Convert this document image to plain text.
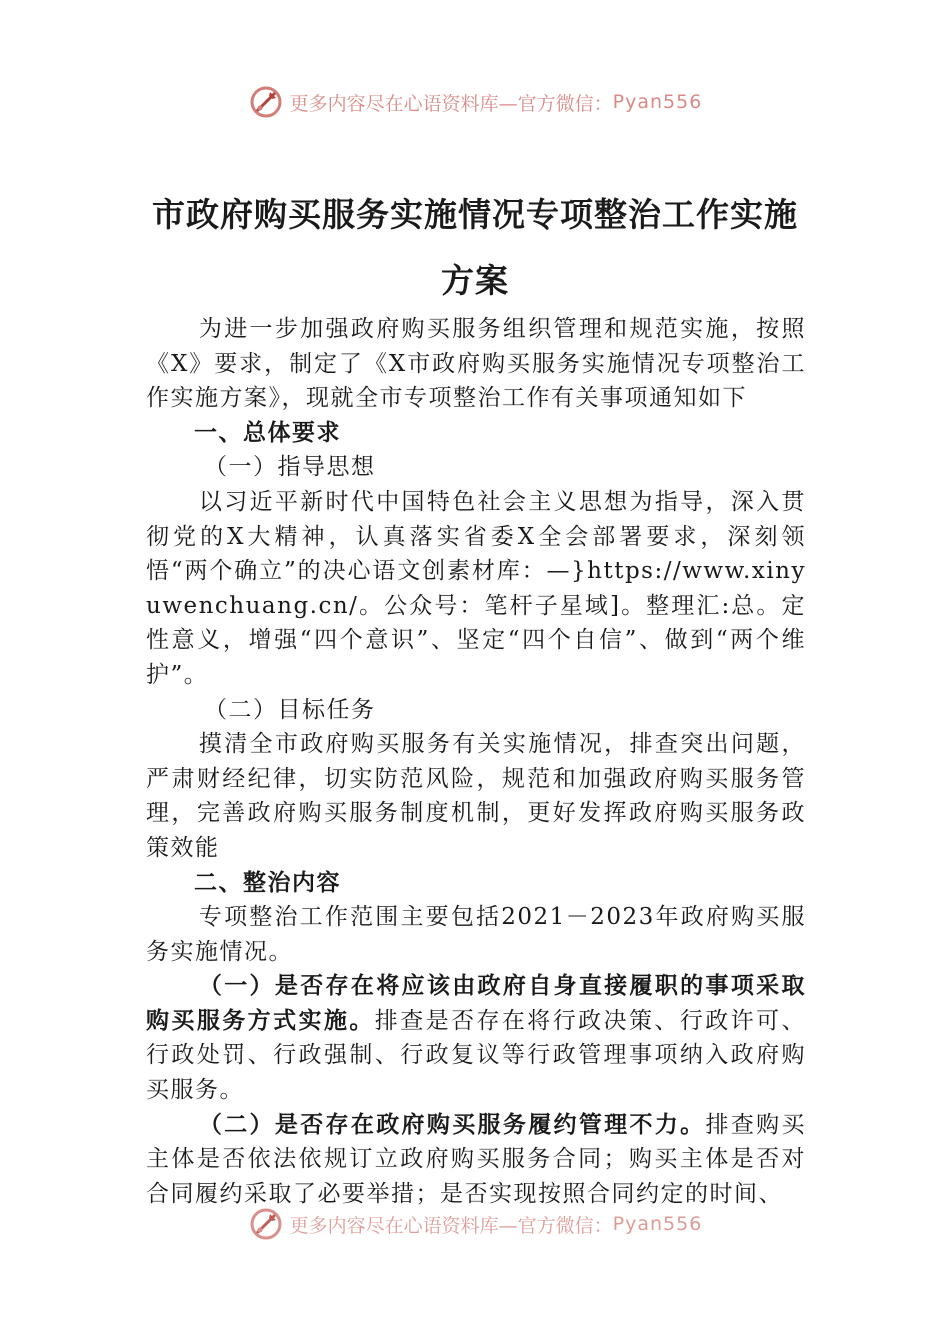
更多内容尽在心语资料库—官方微信： Pyan556
市政府购买服务实施情况专项整治工作实施方案

为进一步加强政府购买服务组织管理和规范实施，按照《X》要求，制定了《X市政府购买服务实施情况专项整治工作实施方案》，现就全市专项整治工作有关事项通知如下

一、总体要求

（一）指导思想

以习近平新时代中国特色社会主义思想为指导，深入贯彻党的X大精神，认真落实省委X全会部署要求，深刻领悟“两个确立”的决心语文创素材库：—}https://www.xinyuwenchuang.cn/。公众号：笔杆子星域]。整理汇:总。定性意义，增强“四个意识”、坚定“四个自信”、做到“两个维护”。

（二）目标任务

摸清全市政府购买服务有关实施情况，排查突出问题，严肃财经纪律，切实防范风险，规范和加强政府购买服务管理，完善政府购买服务制度机制，更好发挥政府购买服务政策效能

二、整治内容

专项整治工作范围主要包括2021－2023年政府购买服务实施情况。

（一）是否存在将应该由政府自身直接履职的事项采取购买服务方式实施。排查是否存在将行政决策、行政许可、行政处罚、行政强制、行政复议等行政管理事项纳入政府购买服务。

（二）是否存在政府购买服务履约管理不力。排查购买主体是否依法依规订立政府购买服务合同；购买主体是否对合同履约采取了必要举措；是否实现按照合同约定的时间、

更多内容尽在心语资料库—官方微信： Pyan556
